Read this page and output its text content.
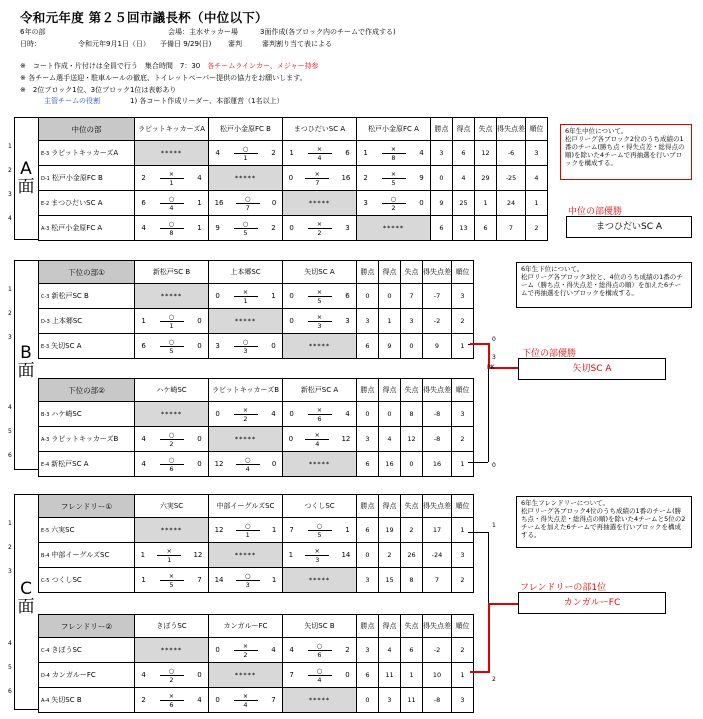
令和元年度 第２５回市議長杯（中位以下）
6年の部	会場：主水サッカー場	3面作成(各ブロック内のチームで作成する)
日時：	令和元年9月1日（日） 予備日 9/29(日) 審判	審判割り当て表による
※　コート作成・片付けは全員で行う　集合時間　7：30　 各チームラインカー、メジャー持参
※ 各チーム選手送迎・駐車ルールの徹底、トイレットペーパー提供の協力をお願いします。
※　2位ブロック1位、3位ブロック1位は表彰あり
主管チームの役割	1) 各コート作成リーダー、本部運営（1名以上）
A面
B面
C面
中位の部	ラピットキッカーズA	松戸小金原FC B	まつひだいSC A	松戸小金原FC A	勝点	得点	失点	得失点差	順位
E-3 ラピットキッカーズA	*****	$4 \frac{○}{1} 2$	$1 \frac{\times}{4} 6$	$1 \frac{\times}{8} 4$	3	6	12	-6	3
D-1 松戸小金原FC B	$2 \frac{\times}{1} 4$	*****	$0 \frac{\times}{7} 16$	$2 \frac{\times}{5} 9$	0	4	29	-25	4
E-2 まつひだいSC A	$6 \frac{○}{4} 1$	$16 \frac{○}{7} 0$	*****	$3 \frac{○}{2} 0$	9	25	1	24	1
A-3 松戸小金原FC A	$4 \frac{○}{8} 1$	$9 \frac{○}{5} 2$	$0 \frac{\times}{2} 3$	*****	6	13	6	7	2
下位の部①	新松戸SC B	上本郷SC	矢切SC A	勝点	得点	失点	得失点差	順位
C-3 新松戸SC B	*****	$0 \frac{\times}{1} 1$	$0 \frac{\times}{5} 6$	0	0	7	-7	3
D-3 上本郷SC	$1 \frac{○}{1} 0$	*****	$0 \frac{\times}{3} 3$	3	1	3	-2	2
E-3 矢切SC A	$6 \frac{○}{5} 0$	$3 \frac{○}{3} 0$	*****	6	9	0	9	1
下位の部②	ハケ崎SC	ラピットキッカーズB	新松戸SC A	勝点	得点	失点	得失点差	順位
B-3 ハケ崎SC	*****	$0 \frac{\times}{2} 4$	$0 \frac{\times}{6} 4$	0	0	8	-8	3
A-3 ラピットキッカーズB	$4 \frac{○}{2} 0$	*****	$0 \frac{\times}{4} 12$	3	4	12	-8	2
E-4 新松戸SC A	$4 \frac{○}{6} 0$	$12 \frac{○}{4} 0$	*****	6	16	0	16	1
フレンドリー①	六実SC	中部イーグルズSC	つくしSC	勝点	得点	失点	得失点差	順位
E-5 六実SC	*****	$12 \frac{○}{1} 1$	$7 \frac{○}{5} 1$	6	19	2	17	1
B-4 中部イーグルズSC	$1 \frac{\times}{1} 12$	*****	$1 \frac{\times}{3} 14$	0	2	26	-24	3
C-5 つくしSC	$1 \frac{\times}{5} 7$	$14 \frac{○}{3} 1$	*****	3	15	8	7	2
フレンドリー②	きぼうSC	カンガルーFC	矢切SC B	勝点	得点	失点	得失点差	順位
C-4 きぼうSC	*****	$0 \frac{\times}{2} 4$	$4 \frac{○}{6} 2$	3	4	6	-2	2
D-4 カンガルーFC	$4 \frac{○}{2} 0$	*****	$7 \frac{○}{4} 0$	6	11	1	10	1
A-4 矢切SC B	$2 \frac{\times}{6} 4$	$0 \frac{\times}{4} 7$	*****	0	3	11	-8	3
6年生中位について。
松戸リーグ各ブロック2位のうち成績の1番のチーム(勝ち点・得失点差・総得点の順)を除いた4チームで再抽選を行いブロックを構成する。
中位の部優勝
まつひだいSC A
6年生下位について。
松戸リーグ各ブロック3位と、4位のうち成績の1番のチーム（勝ち点・得失点差・総得点の順）を加えた6チームで再抽選を行いブロックを構成する。
下位の部優勝
矢切SC A
0
3
PK
0
6年生フレンドリーについて。
松戸リーグ各ブロック4位のうち成績の1番のチーム(勝ち点・得失点差・総得点の順)を除いた4チームと5位の2チームを加えた6チームで再抽選を行いブロックを構成する。
フレンドリーの部1位
カンガルーFC
1
2
1
2
3
4
1
2
3
4
5
6
1
2
3
4
5
6
